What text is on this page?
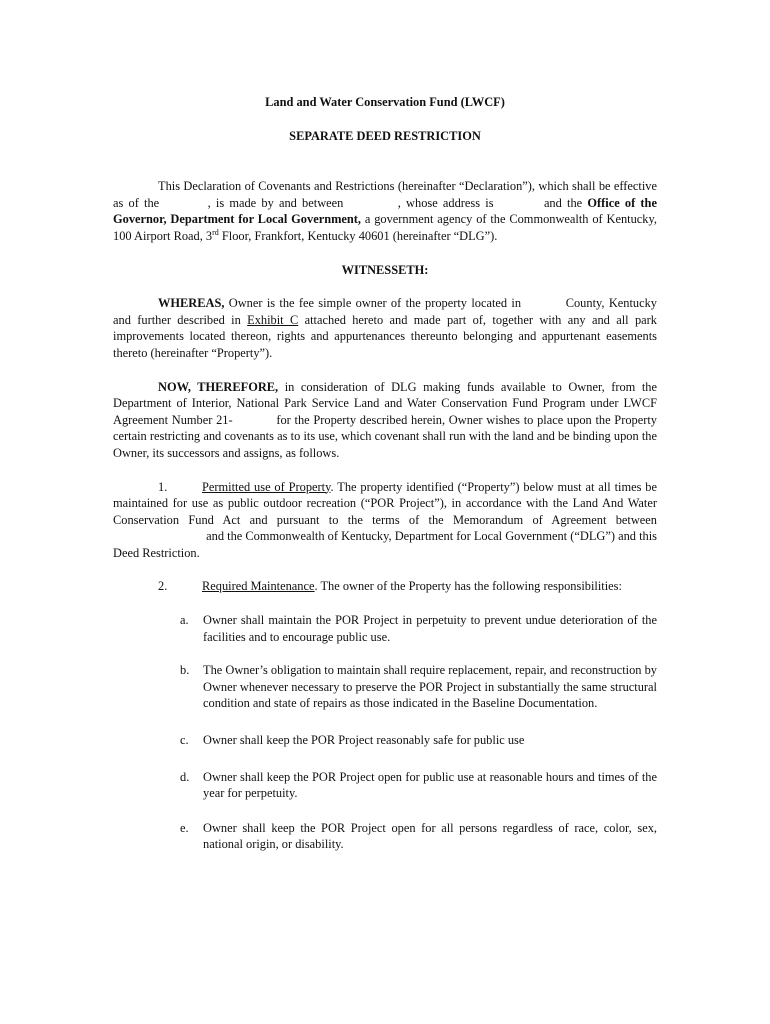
Land and Water Conservation Fund (LWCF)

SEPARATE DEED RESTRICTION

This Declaration of Covenants and Restrictions (hereinafter “Declaration”), which shall be effective as of the	, is made by and between	, whose address is	and the Office of the Governor, Department for Local Government, a government agency of the Commonwealth of Kentucky, 100 Airport Road, 3rd Floor, Frankfort, Kentucky 40601 (hereinafter “DLG”).

WITNESSETH:

WHEREAS, Owner is the fee simple owner of the property located in	County, Kentucky and further described in Exhibit C attached hereto and made part of, together with any and all park improvements located thereon, rights and appurtenances thereunto belonging and appurtenant easements thereto (hereinafter “Property”).

NOW, THEREFORE, in consideration of DLG making funds available to Owner, from the Department of Interior, National Park Service Land and Water Conservation Fund Program under LWCF Agreement Number 21-	for the Property described herein, Owner wishes to place upon the Property certain restricting and covenants as to its use, which covenant shall run with the land and be binding upon the Owner, its successors and assigns, as follows.

1.	Permitted use of Property. The property identified (“Property”) below must at all times be maintained for use as public outdoor recreation (“POR Project”), in accordance with the Land And Water Conservation Fund Act and pursuant to the terms of the Memorandum of Agreement between  and the Commonwealth of Kentucky, Department for Local Government (“DLG”) and this Deed Restriction.

2.	Required Maintenance. The owner of the Property has the following responsibilities:

a. Owner shall maintain the POR Project in perpetuity to prevent undue deterioration of the facilities and to encourage public use.
b. The Owner’s obligation to maintain shall require replacement, repair, and reconstruction by Owner whenever necessary to preserve the POR Project in substantially the same structural condition and state of repairs as those indicated in the Baseline Documentation.
c. Owner shall keep the POR Project reasonably safe for public use
d. Owner shall keep the POR Project open for public use at reasonable hours and times of the year for perpetuity.
e. Owner shall keep the POR Project open for all persons regardless of race, color, sex, national origin, or disability.
